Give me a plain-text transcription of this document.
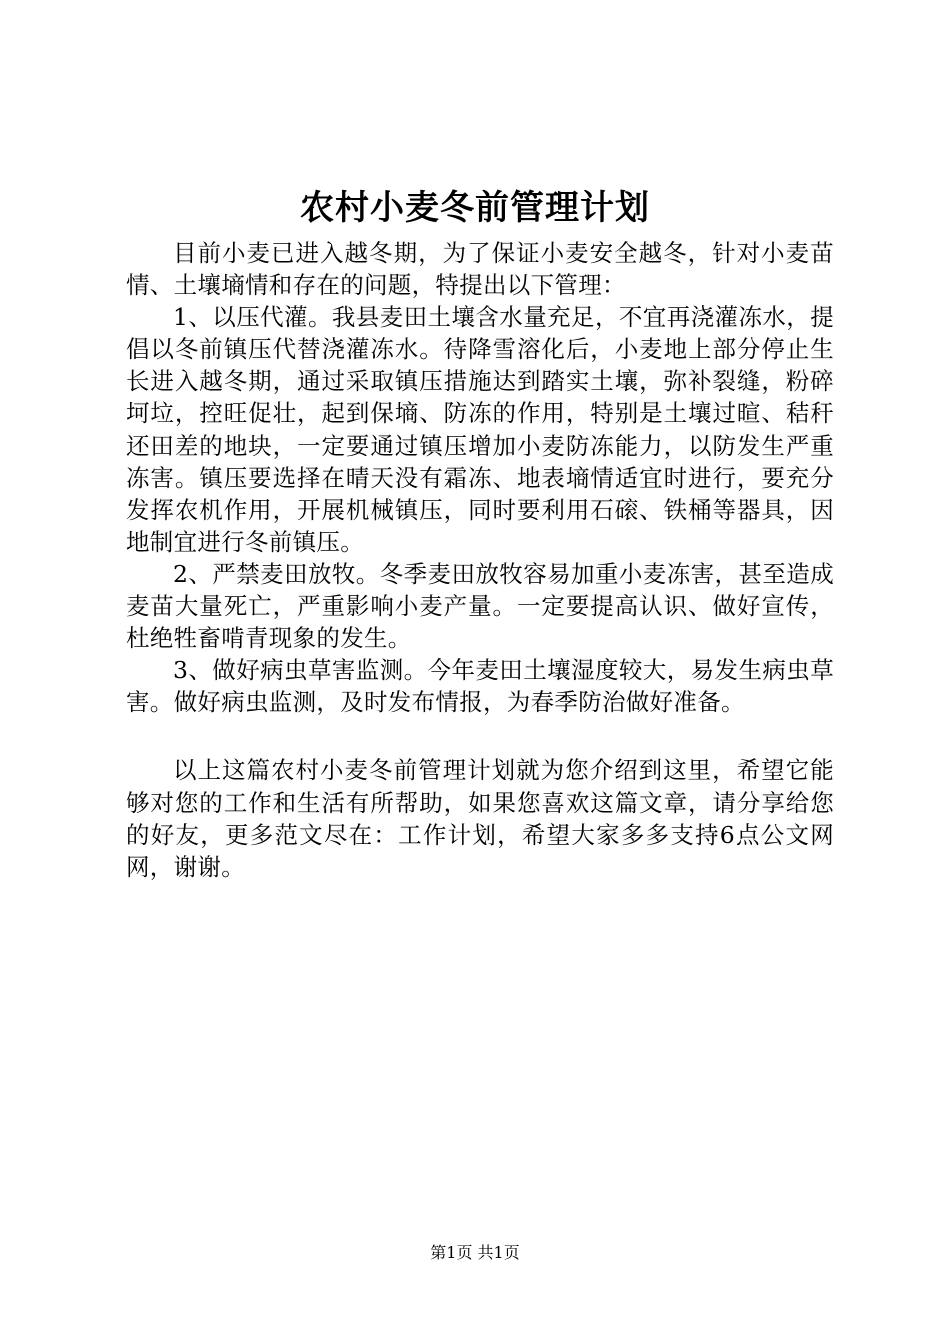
农村小麦冬前管理计划

目前小麦已进入越冬期，为了保证小麦安全越冬，针对小麦苗情、土壤墒情和存在的问题，特提出以下管理：

1、以压代灌。我县麦田土壤含水量充足，不宜再浇灌冻水，提倡以冬前镇压代替浇灌冻水。待降雪溶化后，小麦地上部分停止生长进入越冬期，通过采取镇压措施达到踏实土壤，弥补裂缝，粉碎坷垃，控旺促壮，起到保墒、防冻的作用，特别是土壤过暄、秸秆还田差的地块，一定要通过镇压增加小麦防冻能力，以防发生严重冻害。镇压要选择在晴天没有霜冻、地表墒情适宜时进行，要充分发挥农机作用，开展机械镇压，同时要利用石磙、铁桶等器具，因地制宜进行冬前镇压。

2、严禁麦田放牧。冬季麦田放牧容易加重小麦冻害，甚至造成麦苗大量死亡，严重影响小麦产量。一定要提高认识、做好宣传，杜绝牲畜啃青现象的发生。

3、做好病虫草害监测。今年麦田土壤湿度较大，易发生病虫草害。做好病虫监测，及时发布情报，为春季防治做好准备。

以上这篇农村小麦冬前管理计划就为您介绍到这里，希望它能够对您的工作和生活有所帮助，如果您喜欢这篇文章，请分享给您的好友，更多范文尽在：工作计划，希望大家多多支持6点公文网网，谢谢。

第1页 共1页
